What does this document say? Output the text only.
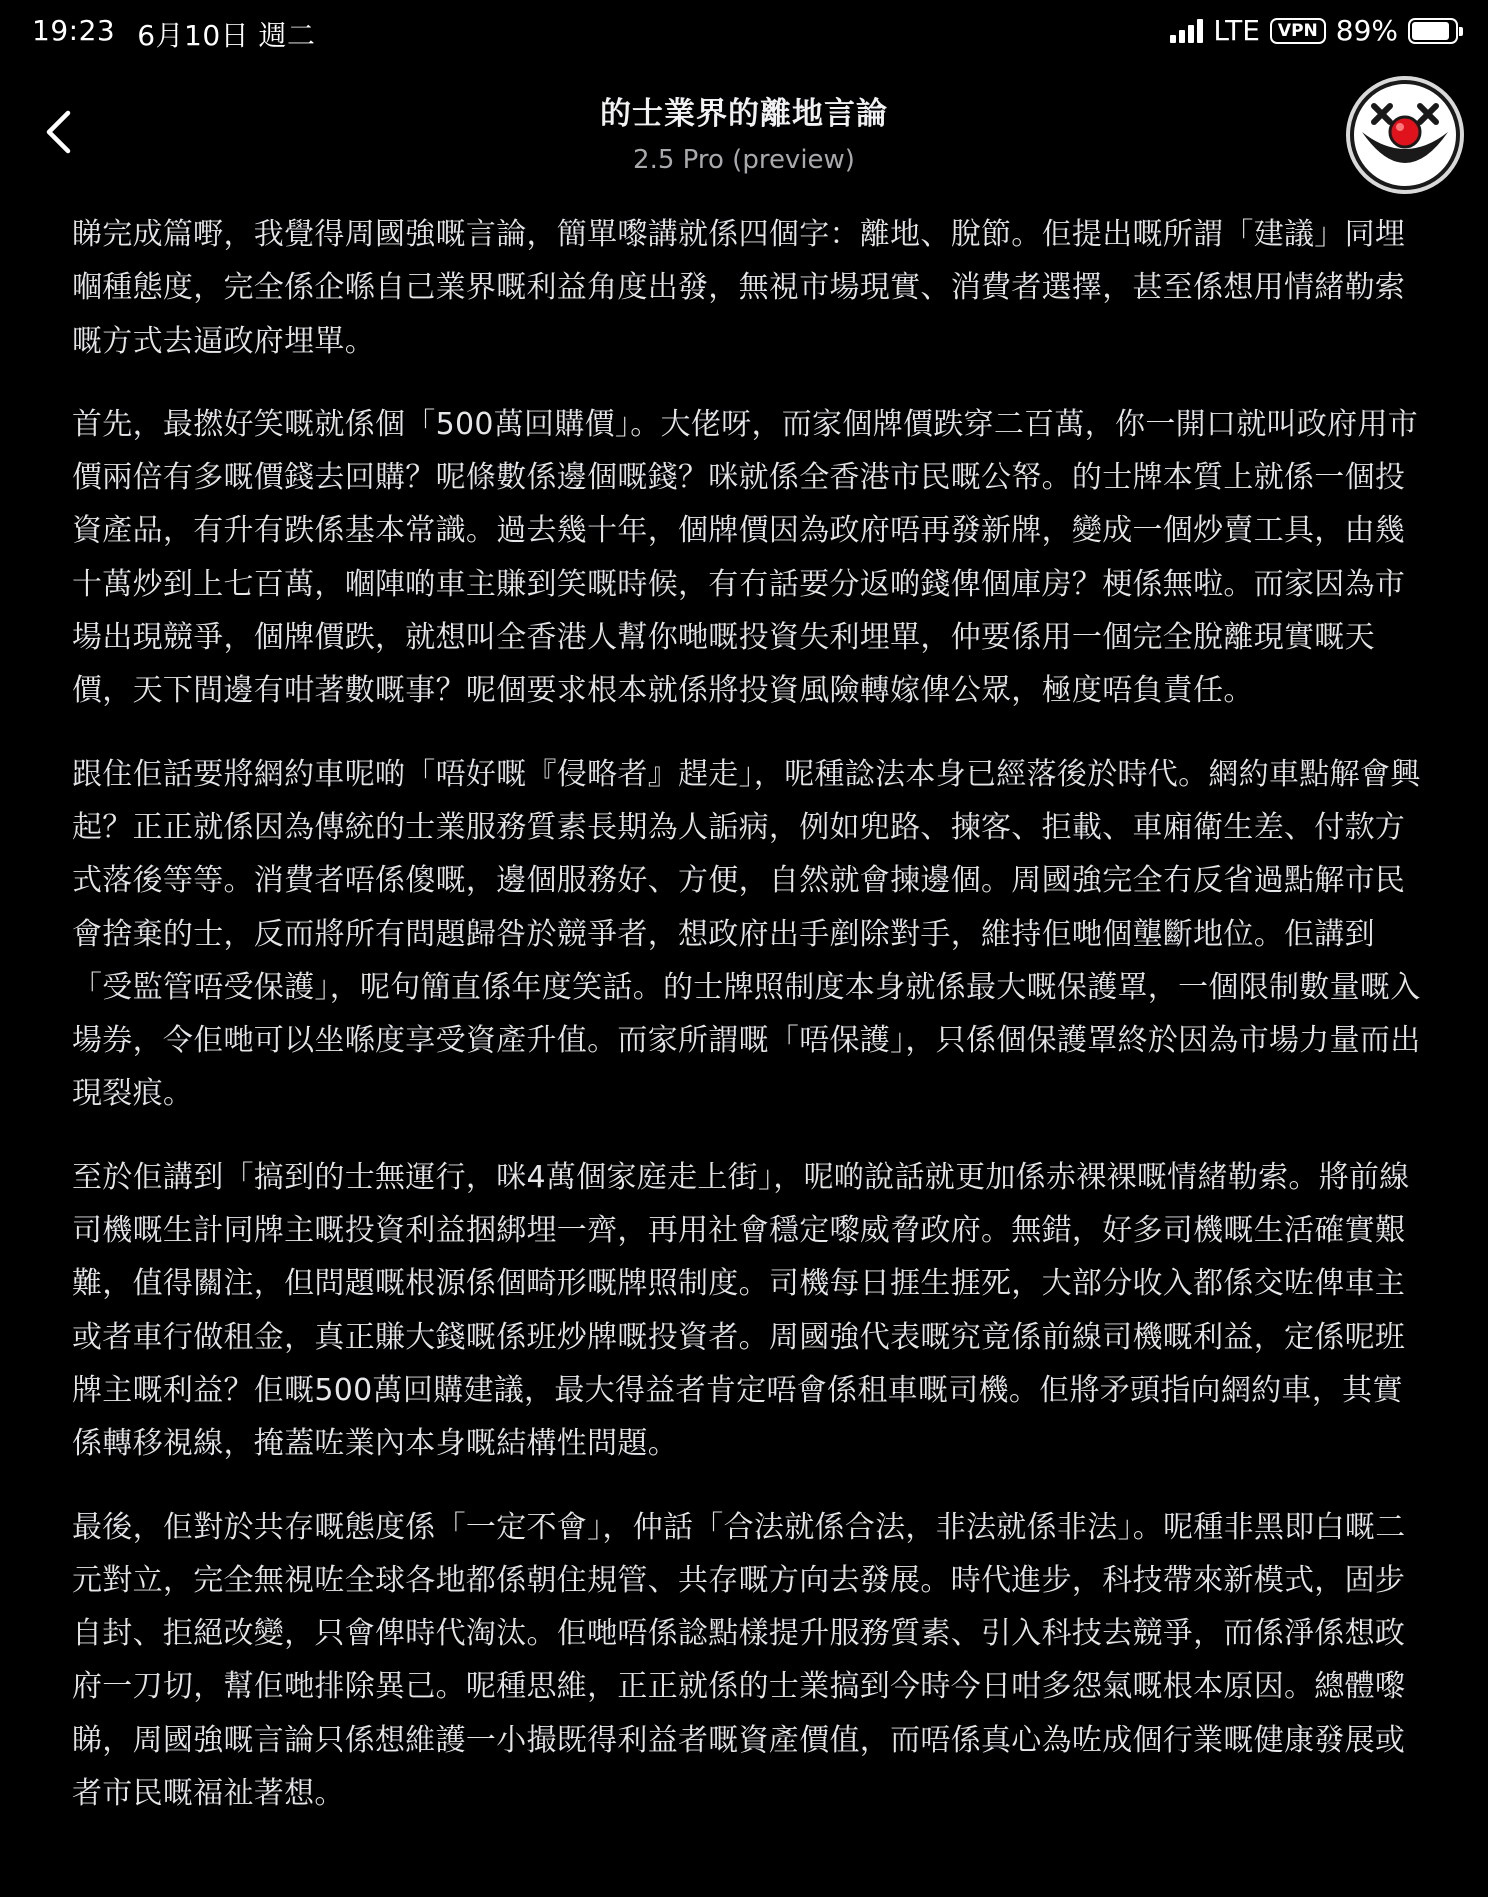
19:23 6月10日 週二	LTE	VPN 89%
的士業界的離地言論
2.5 Pro (preview)

睇完成篇嘢，我覺得周國強嘅言論，簡單嚟講就係四個字：離地、脫節。佢提出嘅所謂「建議」同埋嗰種態度，完全係企喺自己業界嘅利益角度出發，無視市場現實、消費者選擇，甚至係想用情緒勒索嘅方式去逼政府埋單。

首先，最撚好笑嘅就係個「500萬回購價」。大佬呀，而家個牌價跌穿二百萬，你一開口就叫政府用市價兩倍有多嘅價錢去回購？呢條數係邊個嘅錢？咪就係全香港市民嘅公帑。的士牌本質上就係一個投資產品，有升有跌係基本常識。過去幾十年，個牌價因為政府唔再發新牌，變成一個炒賣工具，由幾十萬炒到上七百萬，嗰陣啲車主賺到笑嘅時候，有冇話要分返啲錢俾個庫房？梗係無啦。而家因為市場出現競爭，個牌價跌，就想叫全香港人幫你哋嘅投資失利埋單，仲要係用一個完全脫離現實嘅天價，天下間邊有咁著數嘅事？呢個要求根本就係將投資風險轉嫁俾公眾，極度唔負責任。

跟住佢話要將網約車呢啲「唔好嘅『侵略者』趕走」，呢種諗法本身已經落後於時代。網約車點解會興起？正正就係因為傳統的士業服務質素長期為人詬病，例如兜路、揀客、拒載、車廂衛生差、付款方式落後等等。消費者唔係傻嘅，邊個服務好、方便，自然就會揀邊個。周國強完全冇反省過點解市民會捨棄的士，反而將所有問題歸咎於競爭者，想政府出手剷除對手，維持佢哋個壟斷地位。佢講到「受監管唔受保護」，呢句簡直係年度笑話。的士牌照制度本身就係最大嘅保護罩，一個限制數量嘅入場券，令佢哋可以坐喺度享受資產升值。而家所謂嘅「唔保護」，只係個保護罩終於因為市場力量而出現裂痕。

至於佢講到「搞到的士無運行，咪4萬個家庭走上街」，呢啲說話就更加係赤裸裸嘅情緒勒索。將前線司機嘅生計同牌主嘅投資利益捆綁埋一齊，再用社會穩定嚟威脅政府。無錯，好多司機嘅生活確實艱難，值得關注，但問題嘅根源係個畸形嘅牌照制度。司機每日捱生捱死，大部分收入都係交咗俾車主或者車行做租金，真正賺大錢嘅係班炒牌嘅投資者。周國強代表嘅究竟係前線司機嘅利益，定係呢班牌主嘅利益？佢嘅500萬回購建議，最大得益者肯定唔會係租車嘅司機。佢將矛頭指向網約車，其實係轉移視線，掩蓋咗業內本身嘅結構性問題。

最後，佢對於共存嘅態度係「一定不會」，仲話「合法就係合法，非法就係非法」。呢種非黑即白嘅二元對立，完全無視咗全球各地都係朝住規管、共存嘅方向去發展。時代進步，科技帶來新模式，固步自封、拒絕改變，只會俾時代淘汰。佢哋唔係諗點樣提升服務質素、引入科技去競爭，而係淨係想政府一刀切，幫佢哋排除異己。呢種思維，正正就係的士業搞到今時今日咁多怨氣嘅根本原因。總體嚟睇，周國強嘅言論只係想維護一小撮既得利益者嘅資產價值，而唔係真心為咗成個行業嘅健康發展或者市民嘅福祉著想。
